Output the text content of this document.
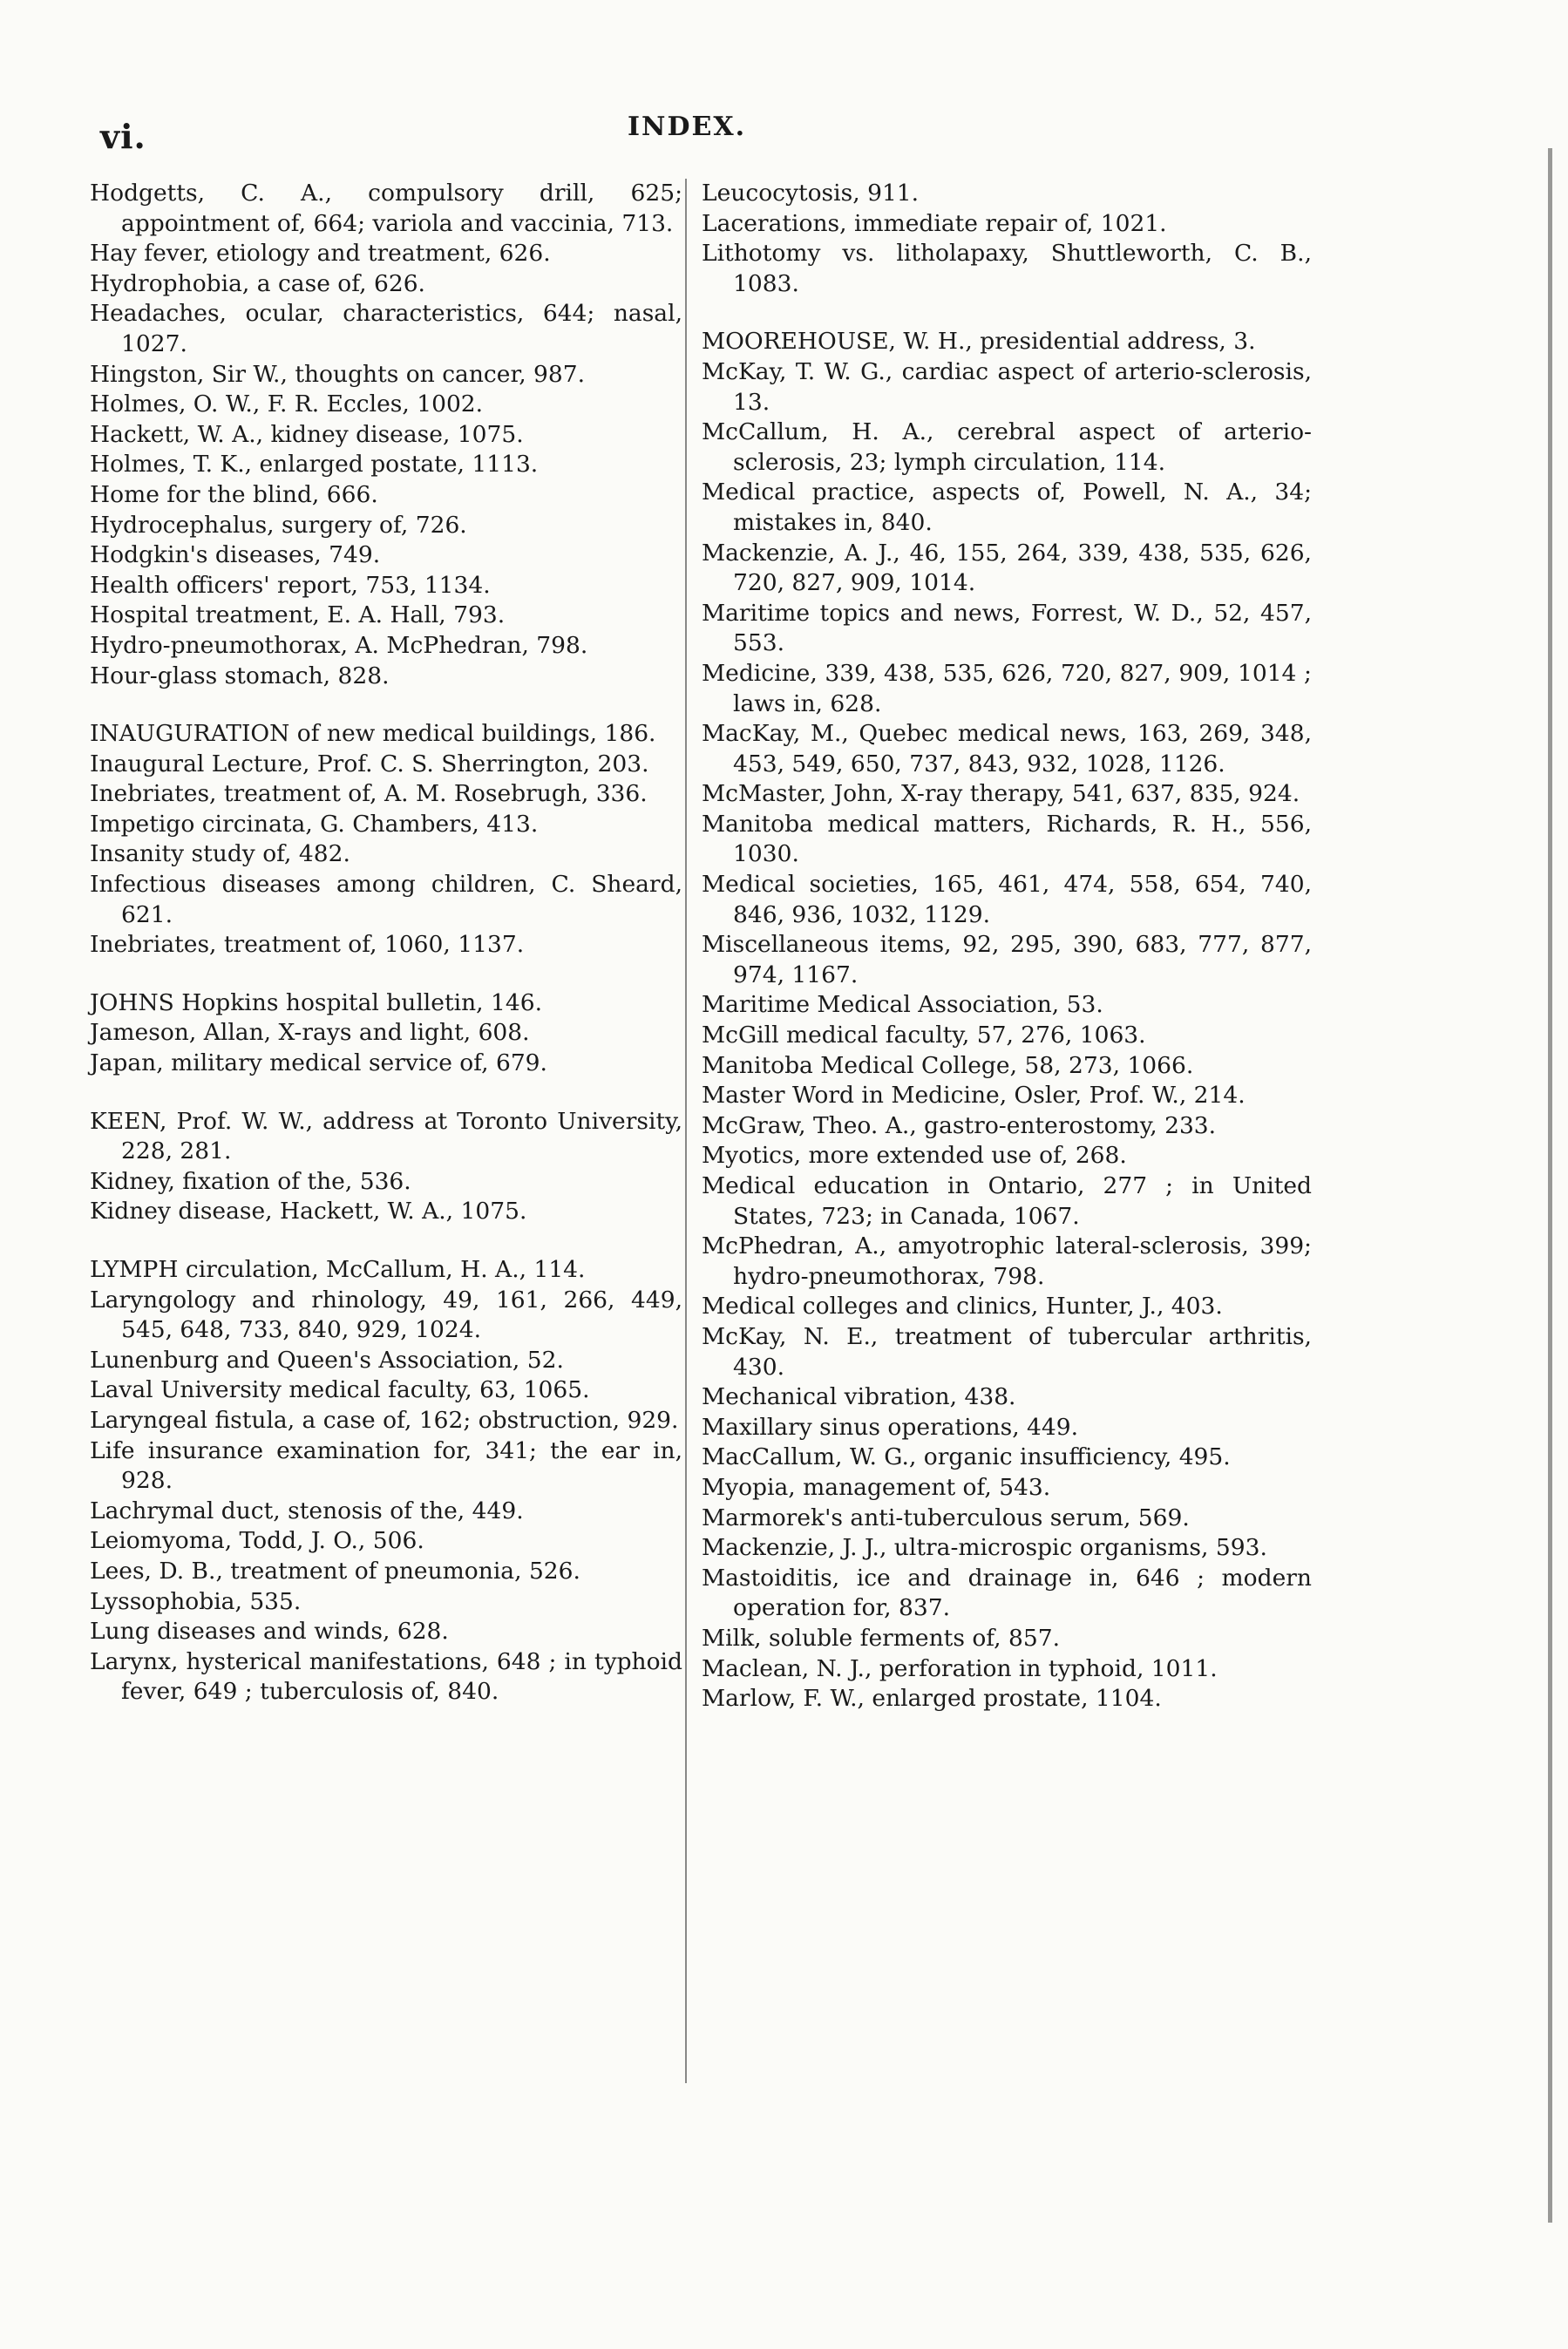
vi.	INDEX.
Hodgetts, C. A., compulsory drill, 625; appointment of, 664; variola and vaccinia, 713.
Hay fever, etiology and treatment, 626.
Hydrophobia, a case of, 626.
Headaches, ocular, characteristics, 644; nasal, 1027.
Hingston, Sir W., thoughts on cancer, 987.
Holmes, O. W., F. R. Eccles, 1002.
Hackett, W. A., kidney disease, 1075.
Holmes, T. K., enlarged postate, 1113.
Home for the blind, 666.
Hydrocephalus, surgery of, 726.
Hodgkin's diseases, 749.
Health officers' report, 753, 1134.
Hospital treatment, E. A. Hall, 793.
Hydro-pneumothorax, A. McPhedran, 798.
Hour-glass stomach, 828.
INAUGURATION of new medical buildings, 186.
Inaugural Lecture, Prof. C. S. Sherrington, 203.
Inebriates, treatment of, A. M. Rosebrugh, 336.
Impetigo circinata, G. Chambers, 413.
Insanity study of, 482.
Infectious diseases among children, C. Sheard, 621.
Inebriates, treatment of, 1060, 1137.
JOHNS Hopkins hospital bulletin, 146.
Jameson, Allan, X-rays and light, 608.
Japan, military medical service of, 679.
KEEN, Prof. W. W., address at Toronto University, 228, 281.
Kidney, fixation of the, 536.
Kidney disease, Hackett, W. A., 1075.
LYMPH circulation, McCallum, H. A., 114.
Laryngology and rhinology, 49, 161, 266, 449, 545, 648, 733, 840, 929, 1024.
Lunenburg and Queen's Association, 52.
Laval University medical faculty, 63, 1065.
Laryngeal fistula, a case of, 162; obstruction, 929.
Life insurance examination for, 341; the ear in, 928.
Lachrymal duct, stenosis of the, 449.
Leiomyoma, Todd, J. O., 506.
Lees, D. B., treatment of pneumonia, 526.
Lyssophobia, 535.
Lung diseases and winds, 628.
Larynx, hysterical manifestations, 648 ; in typhoid fever, 649 ; tuberculosis of, 840.
Leucocytosis, 911.
Lacerations, immediate repair of, 1021.
Lithotomy vs. litholapaxy, Shuttleworth, C. B., 1083.
MOOREHOUSE, W. H., presidential address, 3.
McKay, T. W. G., cardiac aspect of arterio-sclerosis, 13.
McCallum, H. A., cerebral aspect of arterio-sclerosis, 23; lymph circulation, 114.
Medical practice, aspects of, Powell, N. A., 34; mistakes in, 840.
Mackenzie, A. J., 46, 155, 264, 339, 438, 535, 626, 720, 827, 909, 1014.
Maritime topics and news, Forrest, W. D., 52, 457, 553.
Medicine, 339, 438, 535, 626, 720, 827, 909, 1014 ; laws in, 628.
MacKay, M., Quebec medical news, 163, 269, 348, 453, 549, 650, 737, 843, 932, 1028, 1126.
McMaster, John, X-ray therapy, 541, 637, 835, 924.
Manitoba medical matters, Richards, R. H., 556, 1030.
Medical societies, 165, 461, 474, 558, 654, 740, 846, 936, 1032, 1129.
Miscellaneous items, 92, 295, 390, 683, 777, 877, 974, 1167.
Maritime Medical Association, 53.
McGill medical faculty, 57, 276, 1063.
Manitoba Medical College, 58, 273, 1066.
Master Word in Medicine, Osler, Prof. W., 214.
McGraw, Theo. A., gastro-enterostomy, 233.
Myotics, more extended use of, 268.
Medical education in Ontario, 277 ; in United States, 723; in Canada, 1067.
McPhedran, A., amyotrophic lateral-sclerosis, 399; hydro-pneumothorax, 798.
Medical colleges and clinics, Hunter, J., 403.
McKay, N. E., treatment of tubercular arthritis, 430.
Mechanical vibration, 438.
Maxillary sinus operations, 449.
MacCallum, W. G., organic insufficiency, 495.
Myopia, management of, 543.
Marmorek's anti-tuberculous serum, 569.
Mackenzie, J. J., ultra-microspic organisms, 593.
Mastoiditis, ice and drainage in, 646 ; modern operation for, 837.
Milk, soluble ferments of, 857.
Maclean, N. J., perforation in typhoid, 1011.
Marlow, F. W., enlarged prostate, 1104.
